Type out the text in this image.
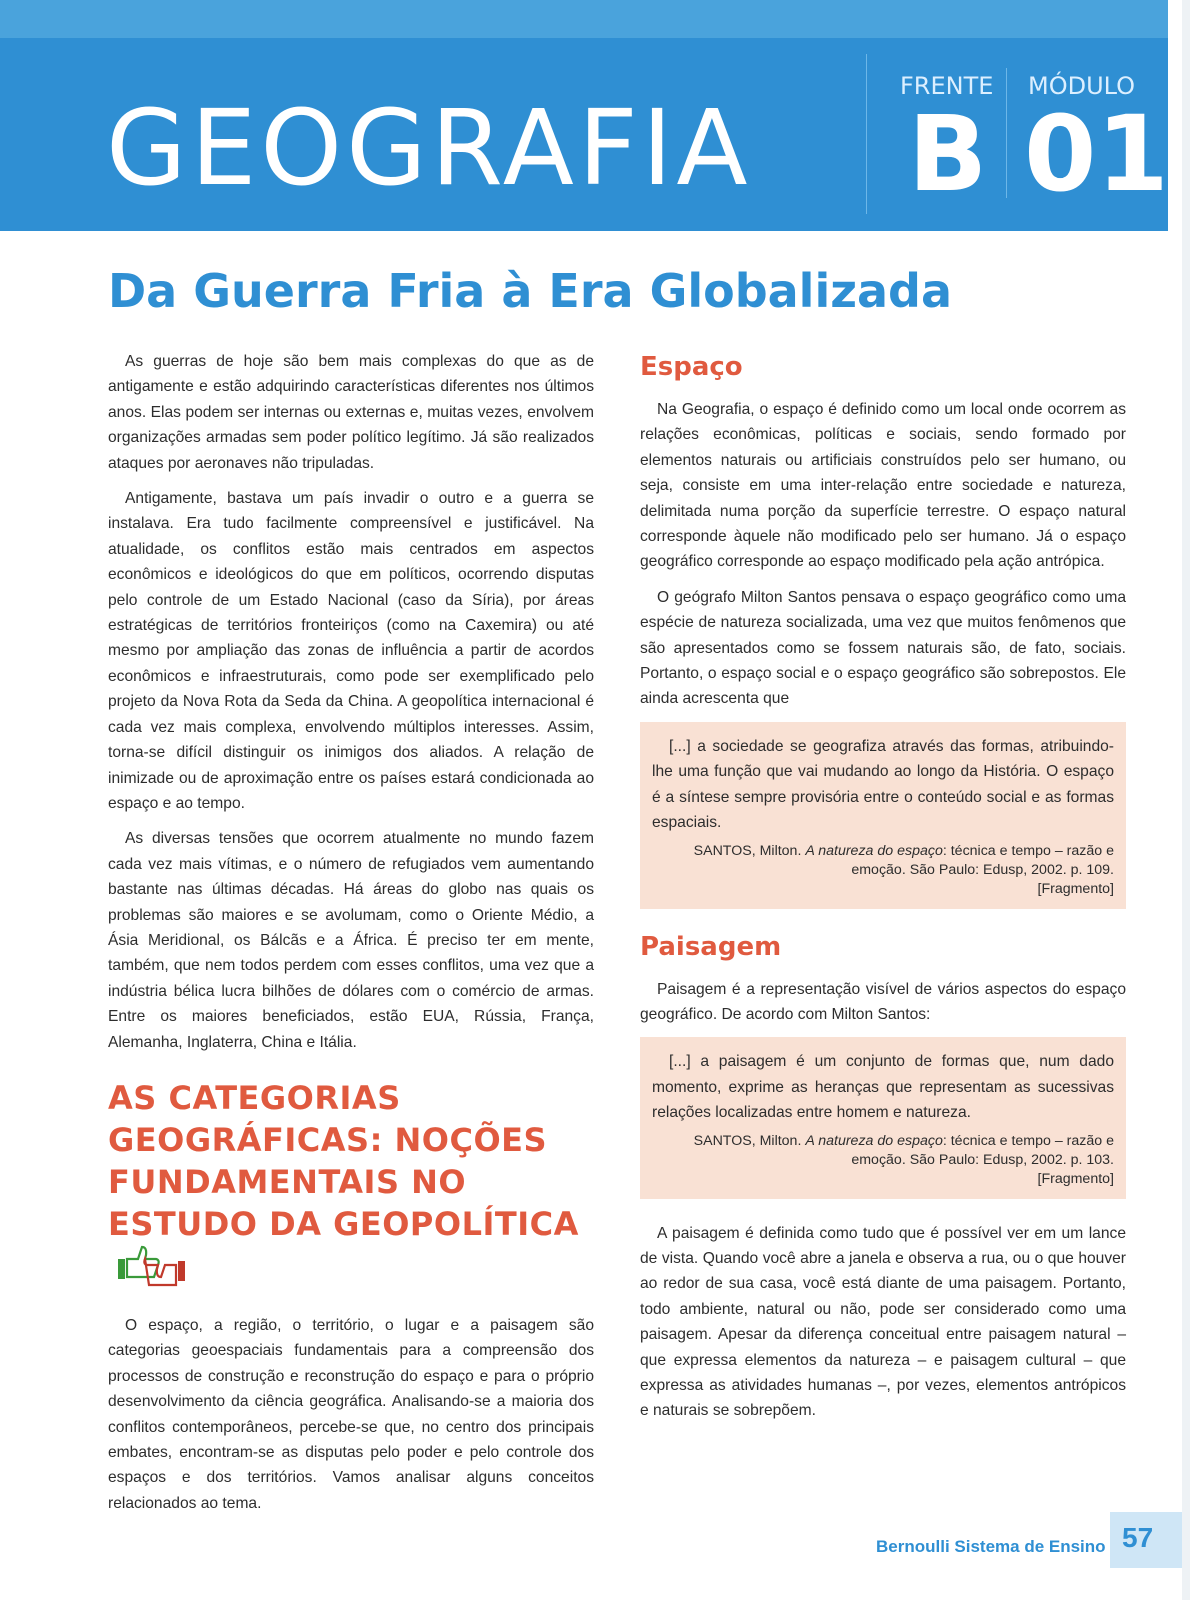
GEOGRAFIA
FRENTE
B
MÓDULO
01
Da Guerra Fria à Era Globalizada

As guerras de hoje são bem mais complexas do que as de antigamente e estão adquirindo características diferentes nos últimos anos. Elas podem ser internas ou externas e, muitas vezes, envolvem organizações armadas sem poder político legítimo. Já são realizados ataques por aeronaves não tripuladas.

Antigamente, bastava um país invadir o outro e a guerra se instalava. Era tudo facilmente compreensível e justificável. Na atualidade, os conflitos estão mais centrados em aspectos econômicos e ideológicos do que em políticos, ocorrendo disputas pelo controle de um Estado Nacional (caso da Síria), por áreas estratégicas de territórios fronteiriços (como na Caxemira) ou até mesmo por ampliação das zonas de influência a partir de acordos econômicos e infraestruturais, como pode ser exemplificado pelo projeto da Nova Rota da Seda da China. A geopolítica internacional é cada vez mais complexa, envolvendo múltiplos interesses. Assim, torna-se difícil distinguir os inimigos dos aliados. A relação de inimizade ou de aproximação entre os países estará condicionada ao espaço e ao tempo.

As diversas tensões que ocorrem atualmente no mundo fazem cada vez mais vítimas, e o número de refugiados vem aumentando bastante nas últimas décadas. Há áreas do globo nas quais os problemas são maiores e se avolumam, como o Oriente Médio, a Ásia Meridional, os Bálcãs e a África. É preciso ter em mente, também, que nem todos perdem com esses conflitos, uma vez que a indústria bélica lucra bilhões de dólares com o comércio de armas. Entre os maiores beneficiados, estão EUA, Rússia, França, Alemanha, Inglaterra, China e Itália.

AS CATEGORIAS GEOGRÁFICAS: NOÇÕES FUNDAMENTAIS NO ESTUDO DA GEOPOLÍTICA

O espaço, a região, o território, o lugar e a paisagem são categorias geoespaciais fundamentais para a compreensão dos processos de construção e reconstrução do espaço e para o próprio desenvolvimento da ciência geográfica. Analisando-se a maioria dos conflitos contemporâneos, percebe-se que, no centro dos principais embates, encontram-se as disputas pelo poder e pelo controle dos espaços e dos territórios. Vamos analisar alguns conceitos relacionados ao tema.

Espaço

Na Geografia, o espaço é definido como um local onde ocorrem as relações econômicas, políticas e sociais, sendo formado por elementos naturais ou artificiais construídos pelo ser humano, ou seja, consiste em uma inter-relação entre sociedade e natureza, delimitada numa porção da superfície terrestre. O espaço natural corresponde àquele não modificado pelo ser humano. Já o espaço geográfico corresponde ao espaço modificado pela ação antrópica.

O geógrafo Milton Santos pensava o espaço geográfico como uma espécie de natureza socializada, uma vez que muitos fenômenos que são apresentados como se fossem naturais são, de fato, sociais. Portanto, o espaço social e o espaço geográfico são sobrepostos. Ele ainda acrescenta que

[...] a sociedade se geografiza através das formas, atribuindo-lhe uma função que vai mudando ao longo da História. O espaço é a síntese sempre provisória entre o conteúdo social e as formas espaciais.

SANTOS, Milton. A natureza do espaço: técnica e tempo – razão e emoção. São Paulo: Edusp, 2002. p. 109.
[Fragmento]

Paisagem

Paisagem é a representação visível de vários aspectos do espaço geográfico. De acordo com Milton Santos:

[...] a paisagem é um conjunto de formas que, num dado momento, exprime as heranças que representam as sucessivas relações localizadas entre homem e natureza.

SANTOS, Milton. A natureza do espaço: técnica e tempo – razão e emoção. São Paulo: Edusp, 2002. p. 103.
[Fragmento]

A paisagem é definida como tudo que é possível ver em um lance de vista. Quando você abre a janela e observa a rua, ou o que houver ao redor de sua casa, você está diante de uma paisagem. Portanto, todo ambiente, natural ou não, pode ser considerado como uma paisagem. Apesar da diferença conceitual entre paisagem natural – que expressa elementos da natureza – e paisagem cultural – que expressa as atividades humanas –, por vezes, elementos antrópicos e naturais se sobrepõem.

Bernoulli Sistema de Ensino 57
